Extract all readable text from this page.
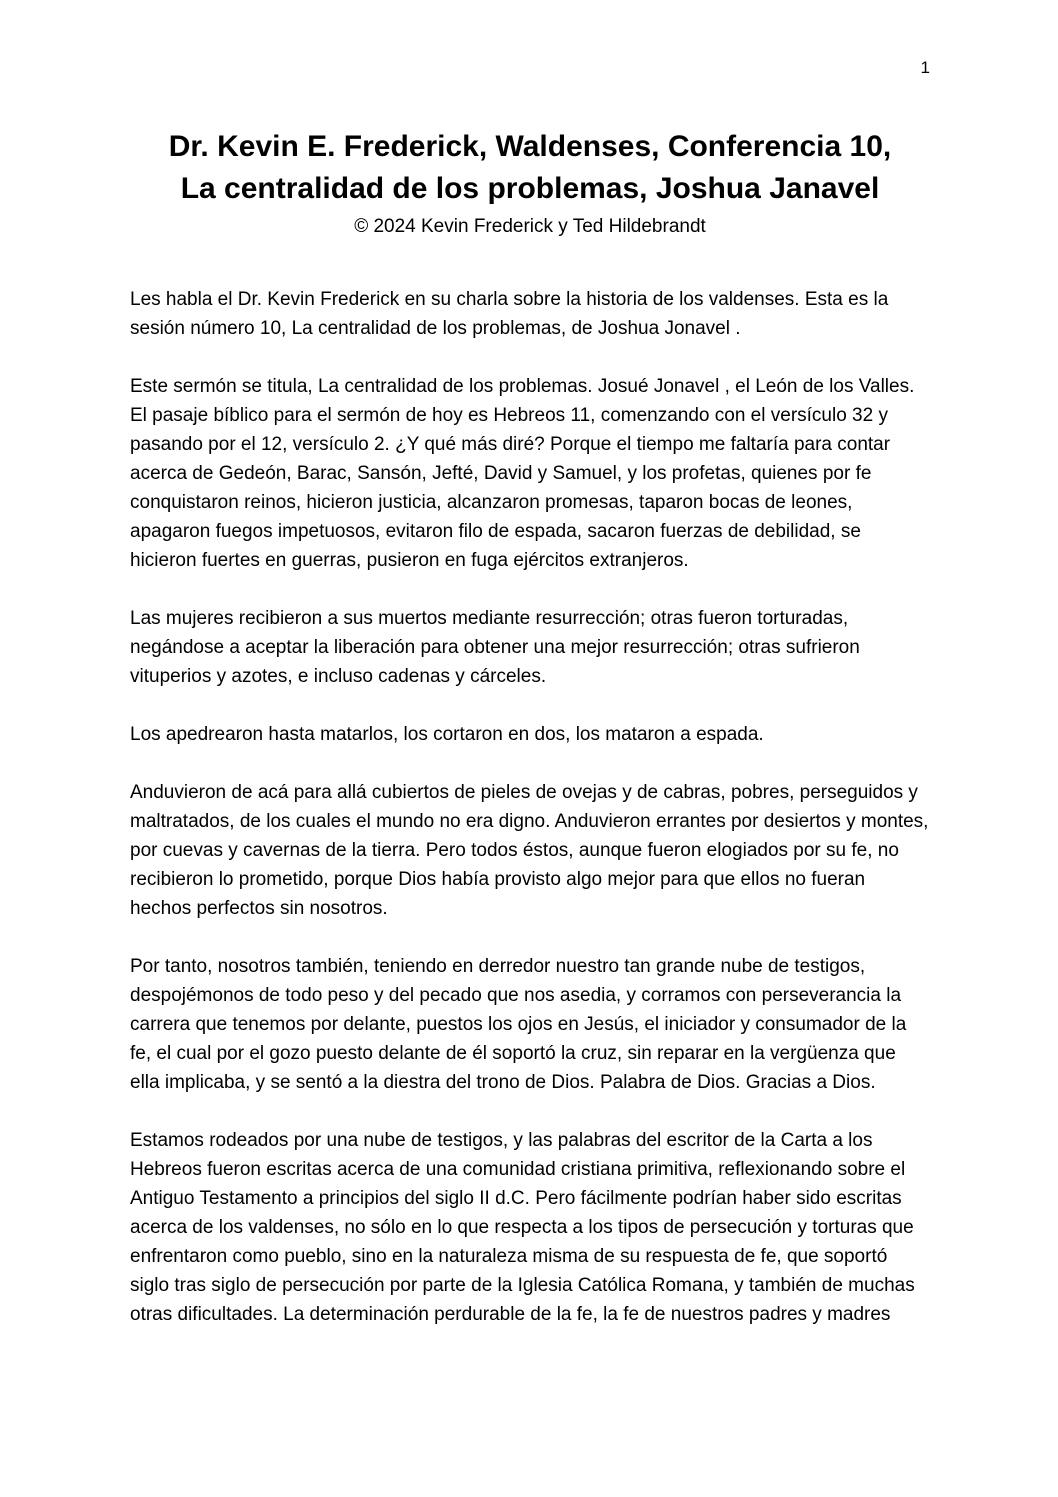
1
Dr. Kevin E. Frederick, Waldenses, Conferencia 10,
La centralidad de los problemas, Joshua Janavel
© 2024 Kevin Frederick y Ted Hildebrandt

Les habla el Dr. Kevin Frederick en su charla sobre la historia de los valdenses. Esta es la sesión número 10, La centralidad de los problemas, de Joshua Jonavel .

Este sermón se titula, La centralidad de los problemas. Josué Jonavel , el León de los Valles. El pasaje bíblico para el sermón de hoy es Hebreos 11, comenzando con el versículo 32 y pasando por el 12, versículo 2. ¿Y qué más diré? Porque el tiempo me faltaría para contar acerca de Gedeón, Barac, Sansón, Jefté, David y Samuel, y los profetas, quienes por fe conquistaron reinos, hicieron justicia, alcanzaron promesas, taparon bocas de leones, apagaron fuegos impetuosos, evitaron filo de espada, sacaron fuerzas de debilidad, se hicieron fuertes en guerras, pusieron en fuga ejércitos extranjeros.

Las mujeres recibieron a sus muertos mediante resurrección; otras fueron torturadas, negándose a aceptar la liberación para obtener una mejor resurrección; otras sufrieron vituperios y azotes, e incluso cadenas y cárceles.

Los apedrearon hasta matarlos, los cortaron en dos, los mataron a espada.

Anduvieron de acá para allá cubiertos de pieles de ovejas y de cabras, pobres, perseguidos y maltratados, de los cuales el mundo no era digno. Anduvieron errantes por desiertos y montes, por cuevas y cavernas de la tierra. Pero todos éstos, aunque fueron elogiados por su fe, no recibieron lo prometido, porque Dios había provisto algo mejor para que ellos no fueran hechos perfectos sin nosotros.

Por tanto, nosotros también, teniendo en derredor nuestro tan grande nube de testigos, despojémonos de todo peso y del pecado que nos asedia, y corramos con perseverancia la carrera que tenemos por delante, puestos los ojos en Jesús, el iniciador y consumador de la fe, el cual por el gozo puesto delante de él soportó la cruz, sin reparar en la vergüenza que ella implicaba, y se sentó a la diestra del trono de Dios. Palabra de Dios. Gracias a Dios.

Estamos rodeados por una nube de testigos, y las palabras del escritor de la Carta a los Hebreos fueron escritas acerca de una comunidad cristiana primitiva, reflexionando sobre el Antiguo Testamento a principios del siglo II d.C. Pero fácilmente podrían haber sido escritas acerca de los valdenses, no sólo en lo que respecta a los tipos de persecución y torturas que enfrentaron como pueblo, sino en la naturaleza misma de su respuesta de fe, que soportó siglo tras siglo de persecución por parte de la Iglesia Católica Romana, y también de muchas otras dificultades. La determinación perdurable de la fe, la fe de nuestros padres y madres
